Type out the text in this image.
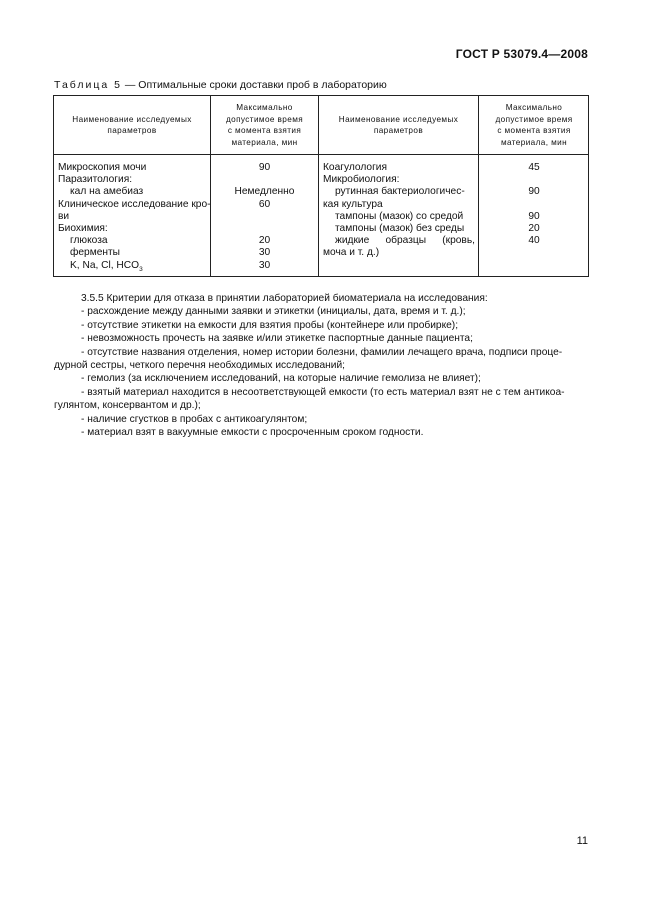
ГОСТ Р 53079.4—2008
Таблица 5 — Оптимальные сроки доставки проб в лабораторию
Наименование исследуемых
параметров
Максимально
допустимое время
с момента взятия
материала, мин
Наименование исследуемых
параметров
Максимально
допустимое время
с момента взятия
материала, мин
Микроскопия мочи
Паразитология:
кал на амебиаз
Клиническое исследование кро-
ви
Биохимия:
глюкоза
ферменты
K, Na, Cl, $HCO_3$
90
Немедленно
60
20
30
30
Коагулология
Микробиология:
рутинная бактериологичес-
кая культура
тампоны (мазок) со средой
тампоны (мазок) без среды
жидкие образцы (кровь,
моча и т. д.)
45
90
90
20
40
3.5.5 Критерии для отказа в принятии лабораторией биоматериала на исследования:
- расхождение между данными заявки и этикетки (инициалы, дата, время и т. д.);
- отсутствие этикетки на емкости для взятия пробы (контейнере или пробирке);
- невозможность прочесть на заявке и/или этикетке паспортные данные пациента;
- отсутствие названия отделения, номер истории болезни, фамилии лечащего врача, подписи проце-
дурной сестры, четкого перечня необходимых исследований;
- гемолиз (за исключением исследований, на которые наличие гемолиза не влияет);
- взятый материал находится в несоответствующей емкости (то есть материал взят не с тем антикоа-
гулянтом, консервантом и др.);
- наличие сгустков в пробах с антикоагулянтом;
- материал взят в вакуумные емкости с просроченным сроком годности.
11
